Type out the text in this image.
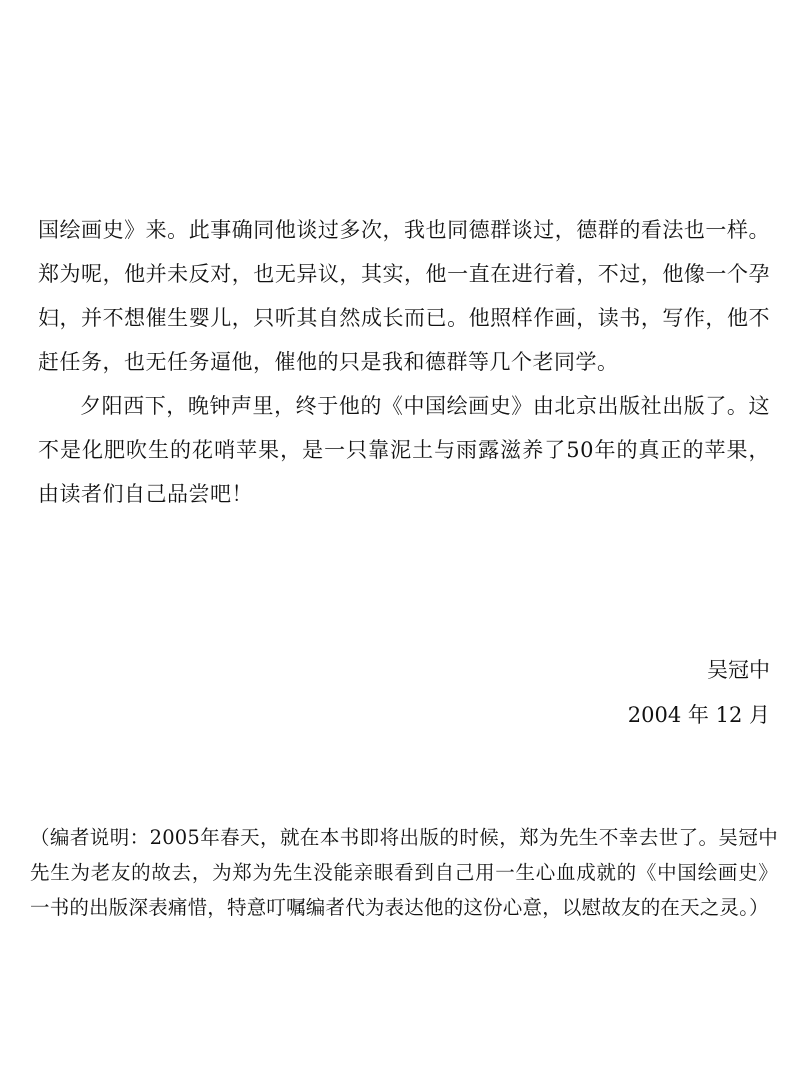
国绘画史》来。此事确同他谈过多次，我也同德群谈过，德群的看法也一样。郑为呢，他并未反对，也无异议，其实，他一直在进行着，不过，他像一个孕妇，并不想催生婴儿，只听其自然成长而已。他照样作画，读书，写作，他不赶任务，也无任务逼他，催他的只是我和德群等几个老同学。

夕阳西下，晚钟声里，终于他的《中国绘画史》由北京出版社出版了。这不是化肥吹生的花哨苹果，是一只靠泥土与雨露滋养了50年的真正的苹果，由读者们自己品尝吧！

吴冠中
2004 年 12 月

（编者说明：2005年春天，就在本书即将出版的时候，郑为先生不幸去世了。吴冠中先生为老友的故去，为郑为先生没能亲眼看到自己用一生心血成就的《中国绘画史》一书的出版深表痛惜，特意叮嘱编者代为表达他的这份心意，以慰故友的在天之灵。）
